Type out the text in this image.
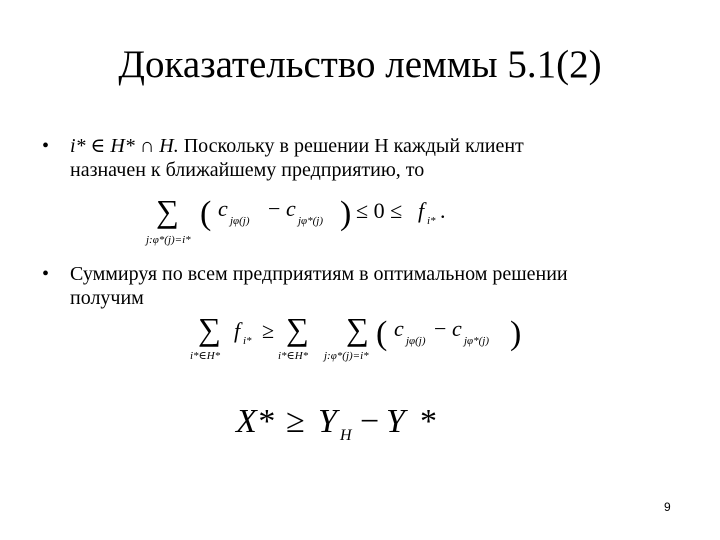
Доказательство леммы 5.1(2)
• i* ∈ H* ∩ H. Поскольку в решении H каждый клиент
назначен к ближайшему предприятию, то
∑
j:φ*(j)=i*
( c jφ(j) − c jφ*(j) ) ≤ 0 ≤ f i* .
• Суммируя по всем предприятиям в оптимальном решении
получим
∑
i*∈H*
f i* ≥ ∑
i*∈H*
∑
j:φ*(j)=i*
( c jφ(j) − c jφ*(j) )
X* ≥ Y H − Y *
9
